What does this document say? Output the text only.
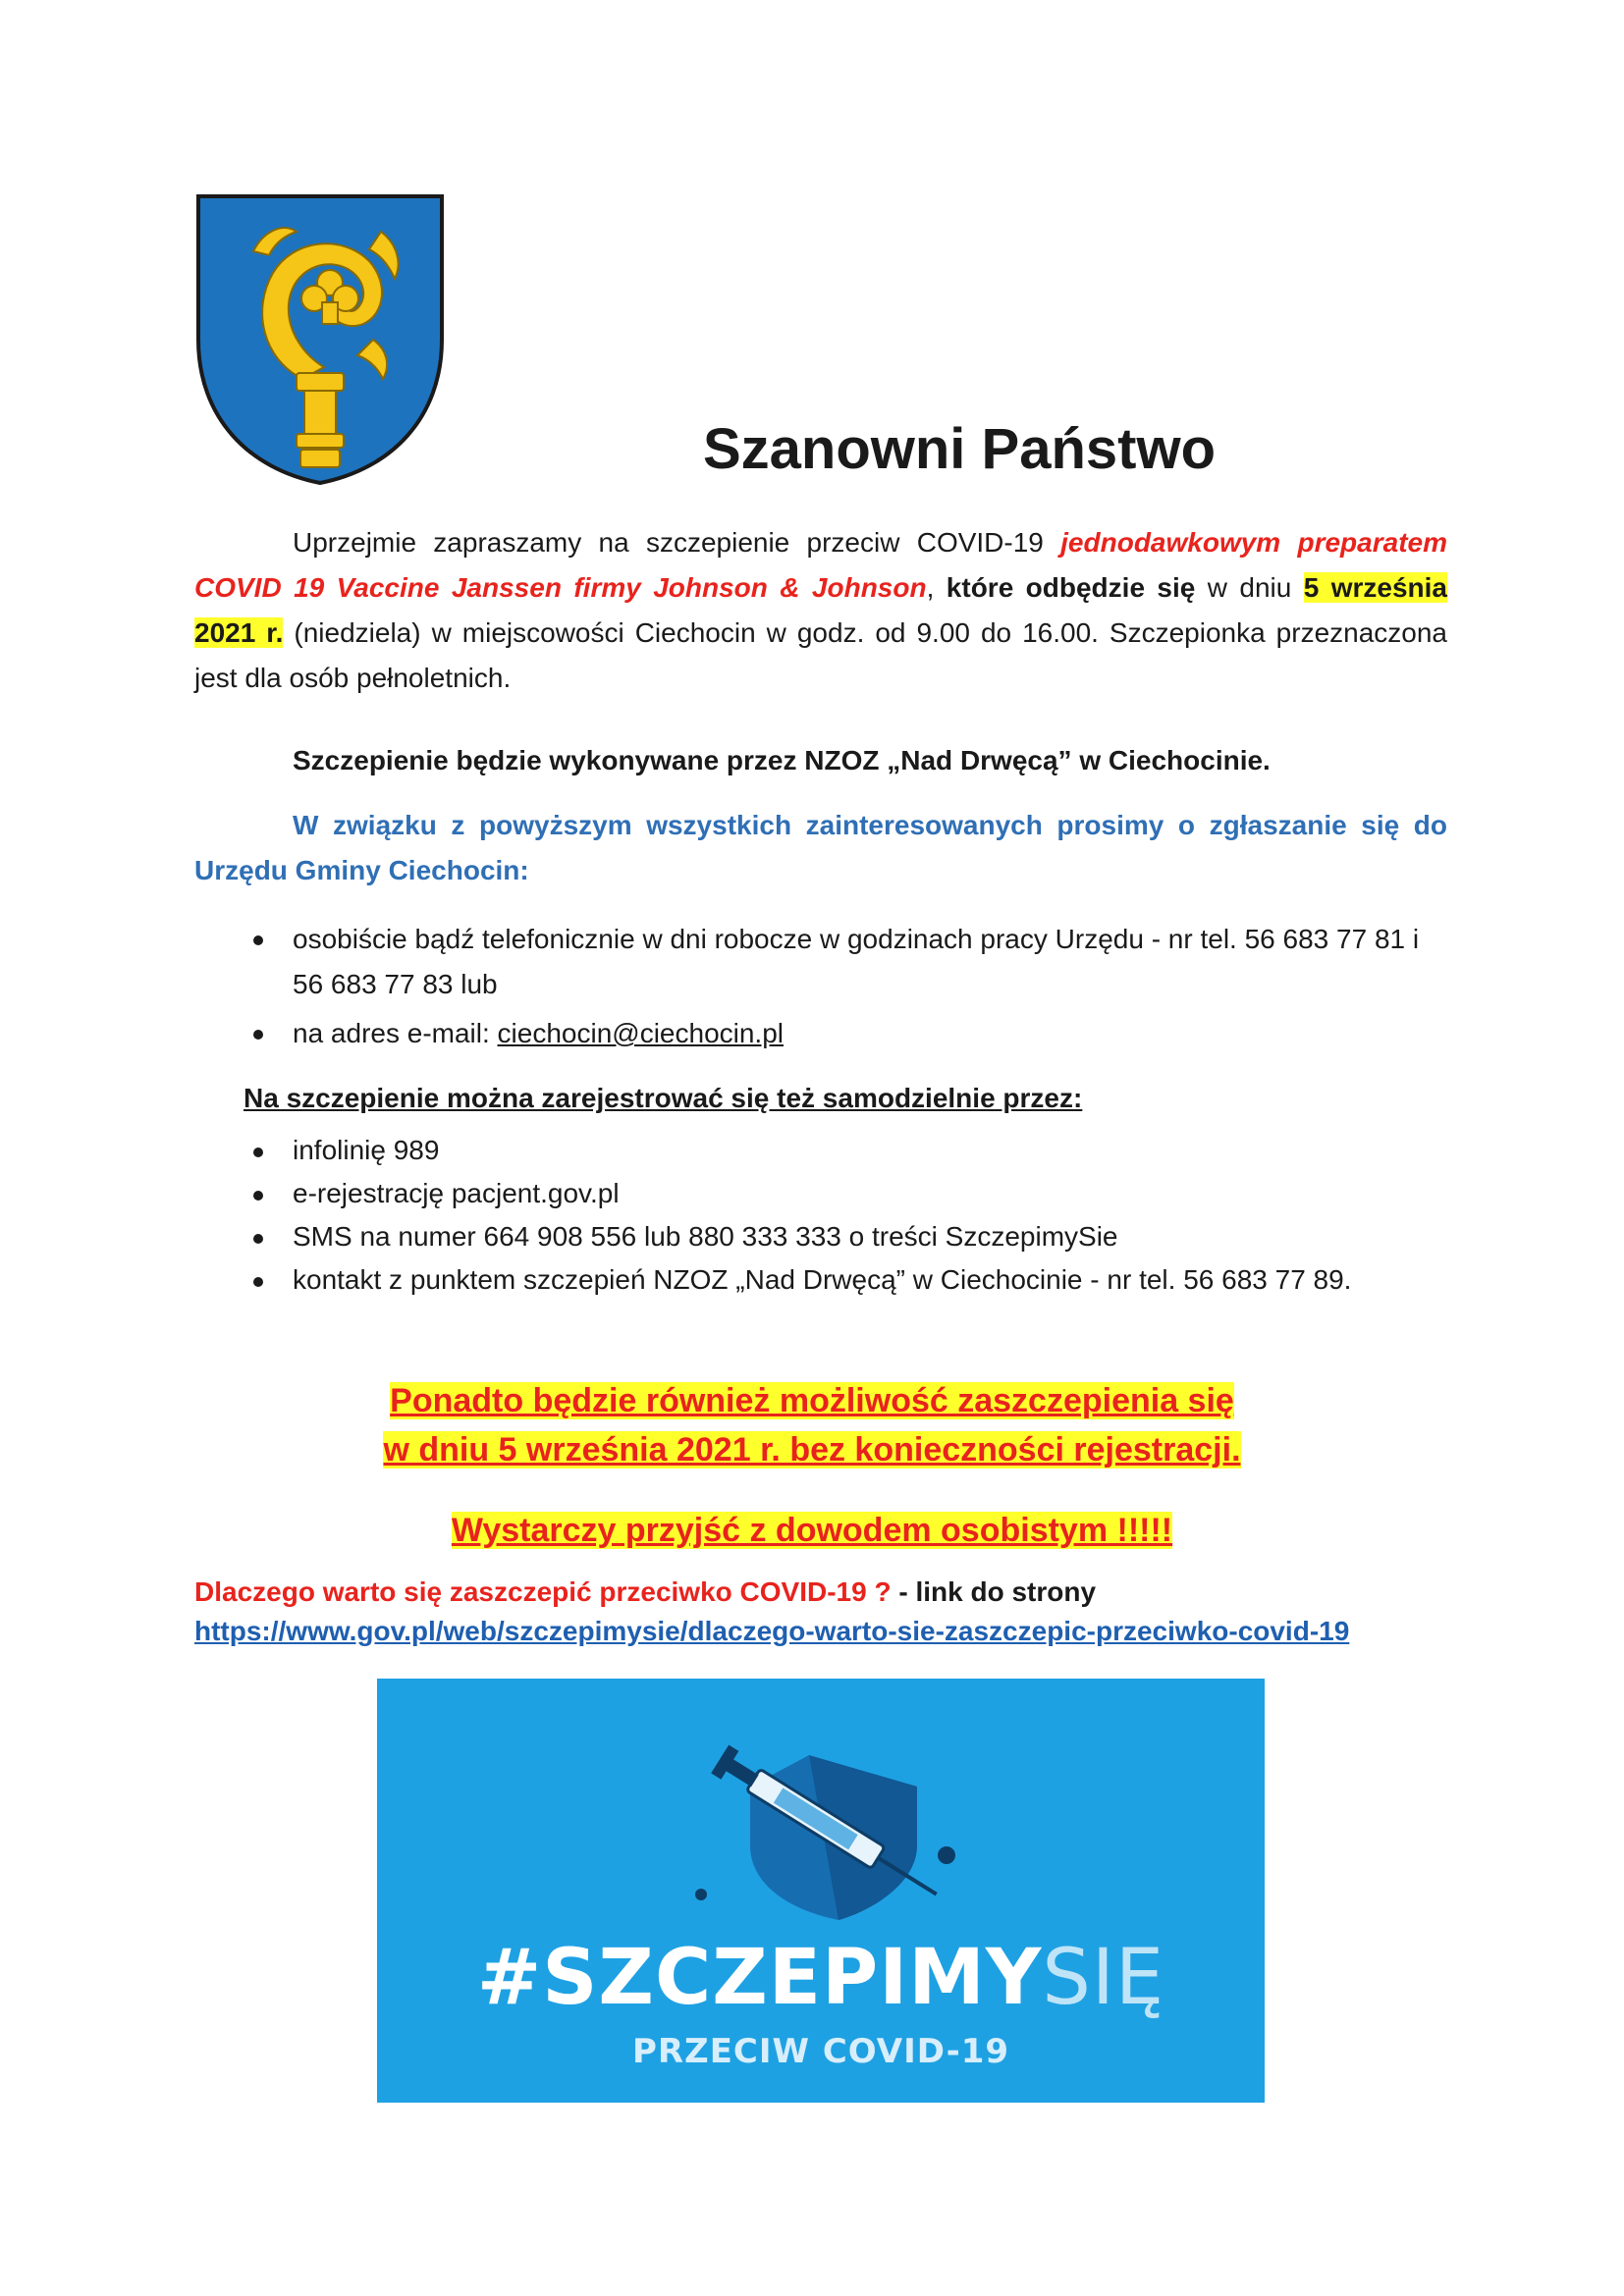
Szanowni Państwo
Uprzejmie zapraszamy na szczepienie przeciw COVID-19 jednodawkowym preparatem COVID 19 Vaccine Janssen firmy Johnson & Johnson, które odbędzie się w dniu 5 września 2021 r. (niedziela) w miejscowości Ciechocin w godz. od 9.00 do 16.00. Szczepionka przeznaczona jest dla osób pełnoletnich.
Szczepienie będzie wykonywane przez NZOZ „Nad Drwęcą” w Ciechocinie.
W związku z powyższym wszystkich zainteresowanych prosimy o zgłaszanie się do Urzędu Gminy Ciechocin:
osobiście bądź telefonicznie w dni robocze w godzinach pracy Urzędu - nr tel. 56 683 77 81 i 56 683 77 83 lub
na adres e-mail: ciechocin@ciechocin.pl
Na szczepienie można zarejestrować się też samodzielnie przez:
infolinię 989
e-rejestrację pacjent.gov.pl
SMS na numer 664 908 556 lub 880 333 333 o treści SzczepimySie
kontakt z punktem szczepień NZOZ „Nad Drwęcą” w Ciechocinie - nr tel. 56 683 77 89.
Ponadto będzie również możliwość zaszczepienia się
w dniu 5 września 2021 r. bez konieczności rejestracji.
Wystarczy przyjść z dowodem osobistym !!!!!
Dlaczego warto się zaszczepić przeciwko COVID-19 ? - link do strony
https://www.gov.pl/web/szczepimysie/dlaczego-warto-sie-zaszczepic-przeciwko-covid-19
#SZCZEPIMYSIĘ
PRZECIW COVID-19
